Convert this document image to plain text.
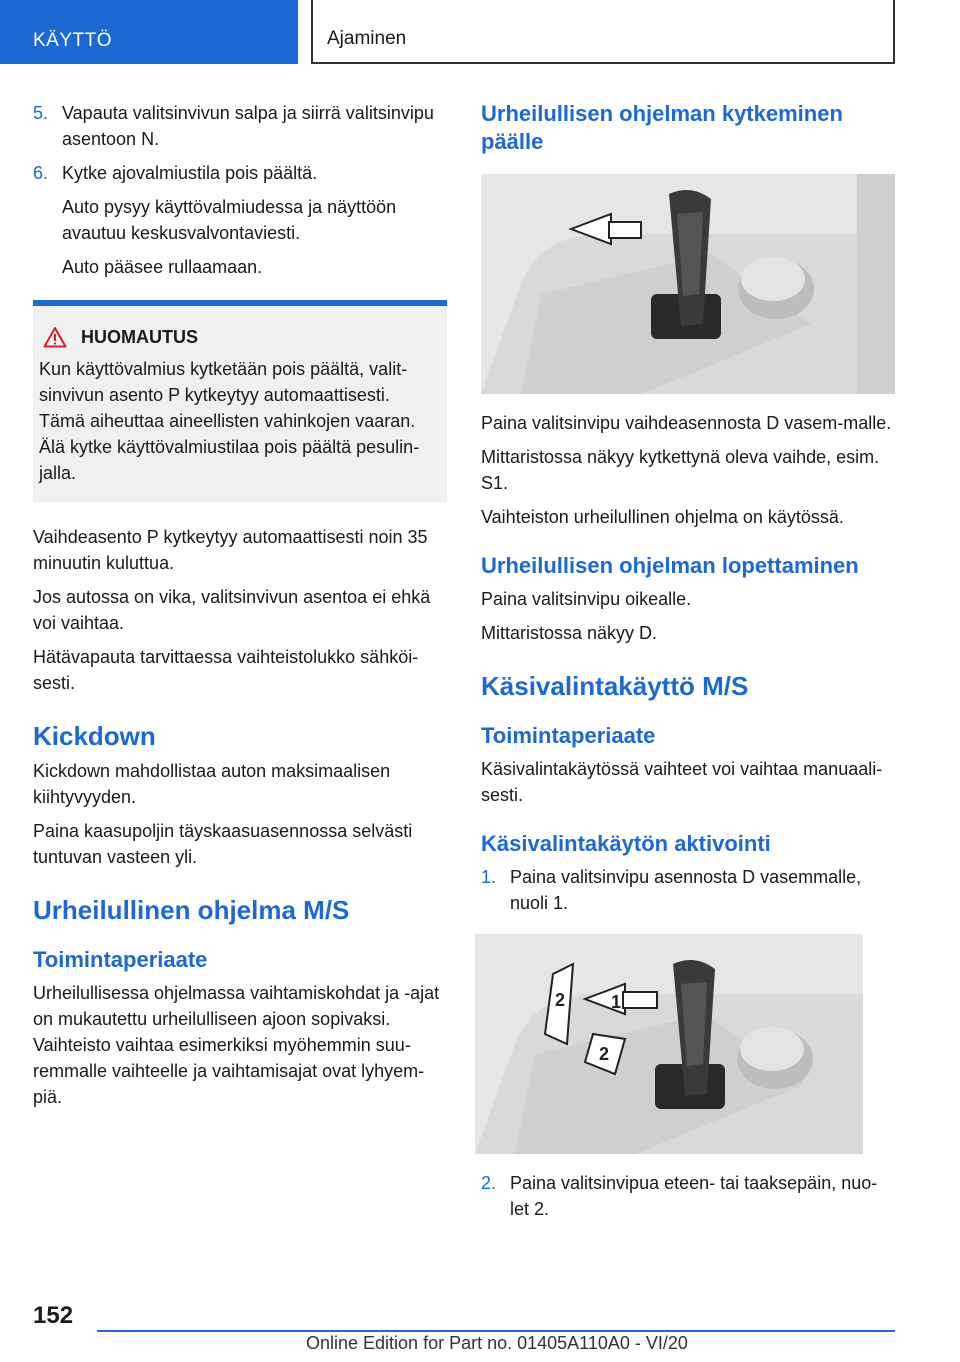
KÄYTTÖ	Ajaminen
5. Vapauta valitsinvivun salpa ja siirrä valitsinvipu asentoon N.
6. Kytke ajovalmiustila pois päältä.

Auto pysyy käyttövalmiudessa ja näyttöön avautuu keskusvalvontaviesti.

Auto pääsee rullaamaan.

HUOMAUTUS

Kun käyttövalmius kytketään pois päältä, valit-sinvivun asento P kytkeytyy automaattisesti. Tämä aiheuttaa aineellisten vahinkojen vaaran. Älä kytke käyttövalmiustilaa pois päältä pesulin-jalla.

Vaihdeasento P kytkeytyy automaattisesti noin 35 minuutin kuluttua.

Jos autossa on vika, valitsinvivun asentoa ei ehkä voi vaihtaa.

Hätävapauta tarvittaessa vaihteistolukko sähköi-sesti.

Kickdown

Kickdown mahdollistaa auton maksimaalisen kiihtyvyyden.

Paina kaasupoljin täyskaasuasennossa selvästi tuntuvan vasteen yli.

Urheilullinen ohjelma M/S
Toimintaperiaate

Urheilullisessa ohjelmassa vaihtamiskohdat ja -ajat on mukautettu urheilulliseen ajoon sopivaksi. Vaihteisto vaihtaa esimerkiksi myöhemmin suu-remmalle vaihteelle ja vaihtamisajat ovat lyhyem-piä.

Urheilullisen ohjelman kytkeminen päälle

Paina valitsinvipu vaihdeasennosta D vasem-malle.

Mittaristossa näkyy kytkettynä oleva vaihde, esim. S1.

Vaihteiston urheilullinen ohjelma on käytössä.

Urheilullisen ohjelman lopettaminen

Paina valitsinvipu oikealle.

Mittaristossa näkyy D.

Käsivalintakäyttö M/S
Toimintaperiaate

Käsivalintakäytössä vaihteet voi vaihtaa manuaali-sesti.

Käsivalintakäytön aktivointi
1. Paina valitsinvipu asennosta D vasemmalle, nuoli 1.
1
2
2
2. Paina valitsinvipua eteen- tai taaksepäin, nuo-let 2.
152
Online Edition for Part no. 01405A110A0 - VI/20
